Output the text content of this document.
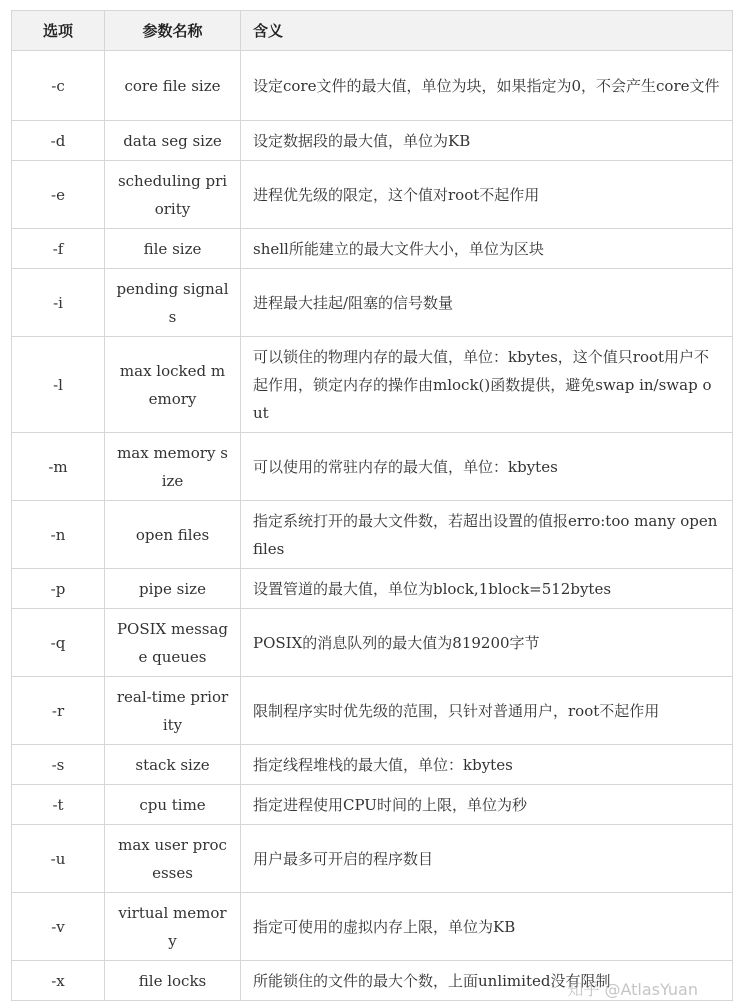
选项	参数名称	含义
-c	core file size	设定core文件的最大值，单位为块，如果指定为0，不会产生core文件
-d	data seg size	设定数据段的最大值，单位为KB
-e	scheduling priority	进程优先级的限定，这个值对root不起作用
-f	file size	shell所能建立的最大文件大小，单位为区块
-i	pending signals	进程最大挂起/阻塞的信号数量
-l	max locked memory	可以锁住的物理内存的最大值，单位：kbytes，这个值只root用户不起作用，锁定内存的操作由mlock()函数提供，避免swap in/swap out
-m	max memory size	可以使用的常驻内存的最大值，单位：kbytes
-n	open files	指定系统打开的最大文件数，若超出设置的值报erro:too many open files
-p	pipe size	设置管道的最大值，单位为block,1block=512bytes
-q	POSIX message queues	POSIX的消息队列的最大值为819200字节
-r	real-time priority	限制程序实时优先级的范围，只针对普通用户，root不起作用
-s	stack size	指定线程堆栈的最大值，单位：kbytes
-t	cpu time	指定进程使用CPU时间的上限，单位为秒
-u	max user processes	用户最多可开启的程序数目
-v	virtual memory	指定可使用的虚拟内存上限，单位为KB
-x	file locks	所能锁住的文件的最大个数，上面unlimited没有限制
知乎 @AtlasYuan
